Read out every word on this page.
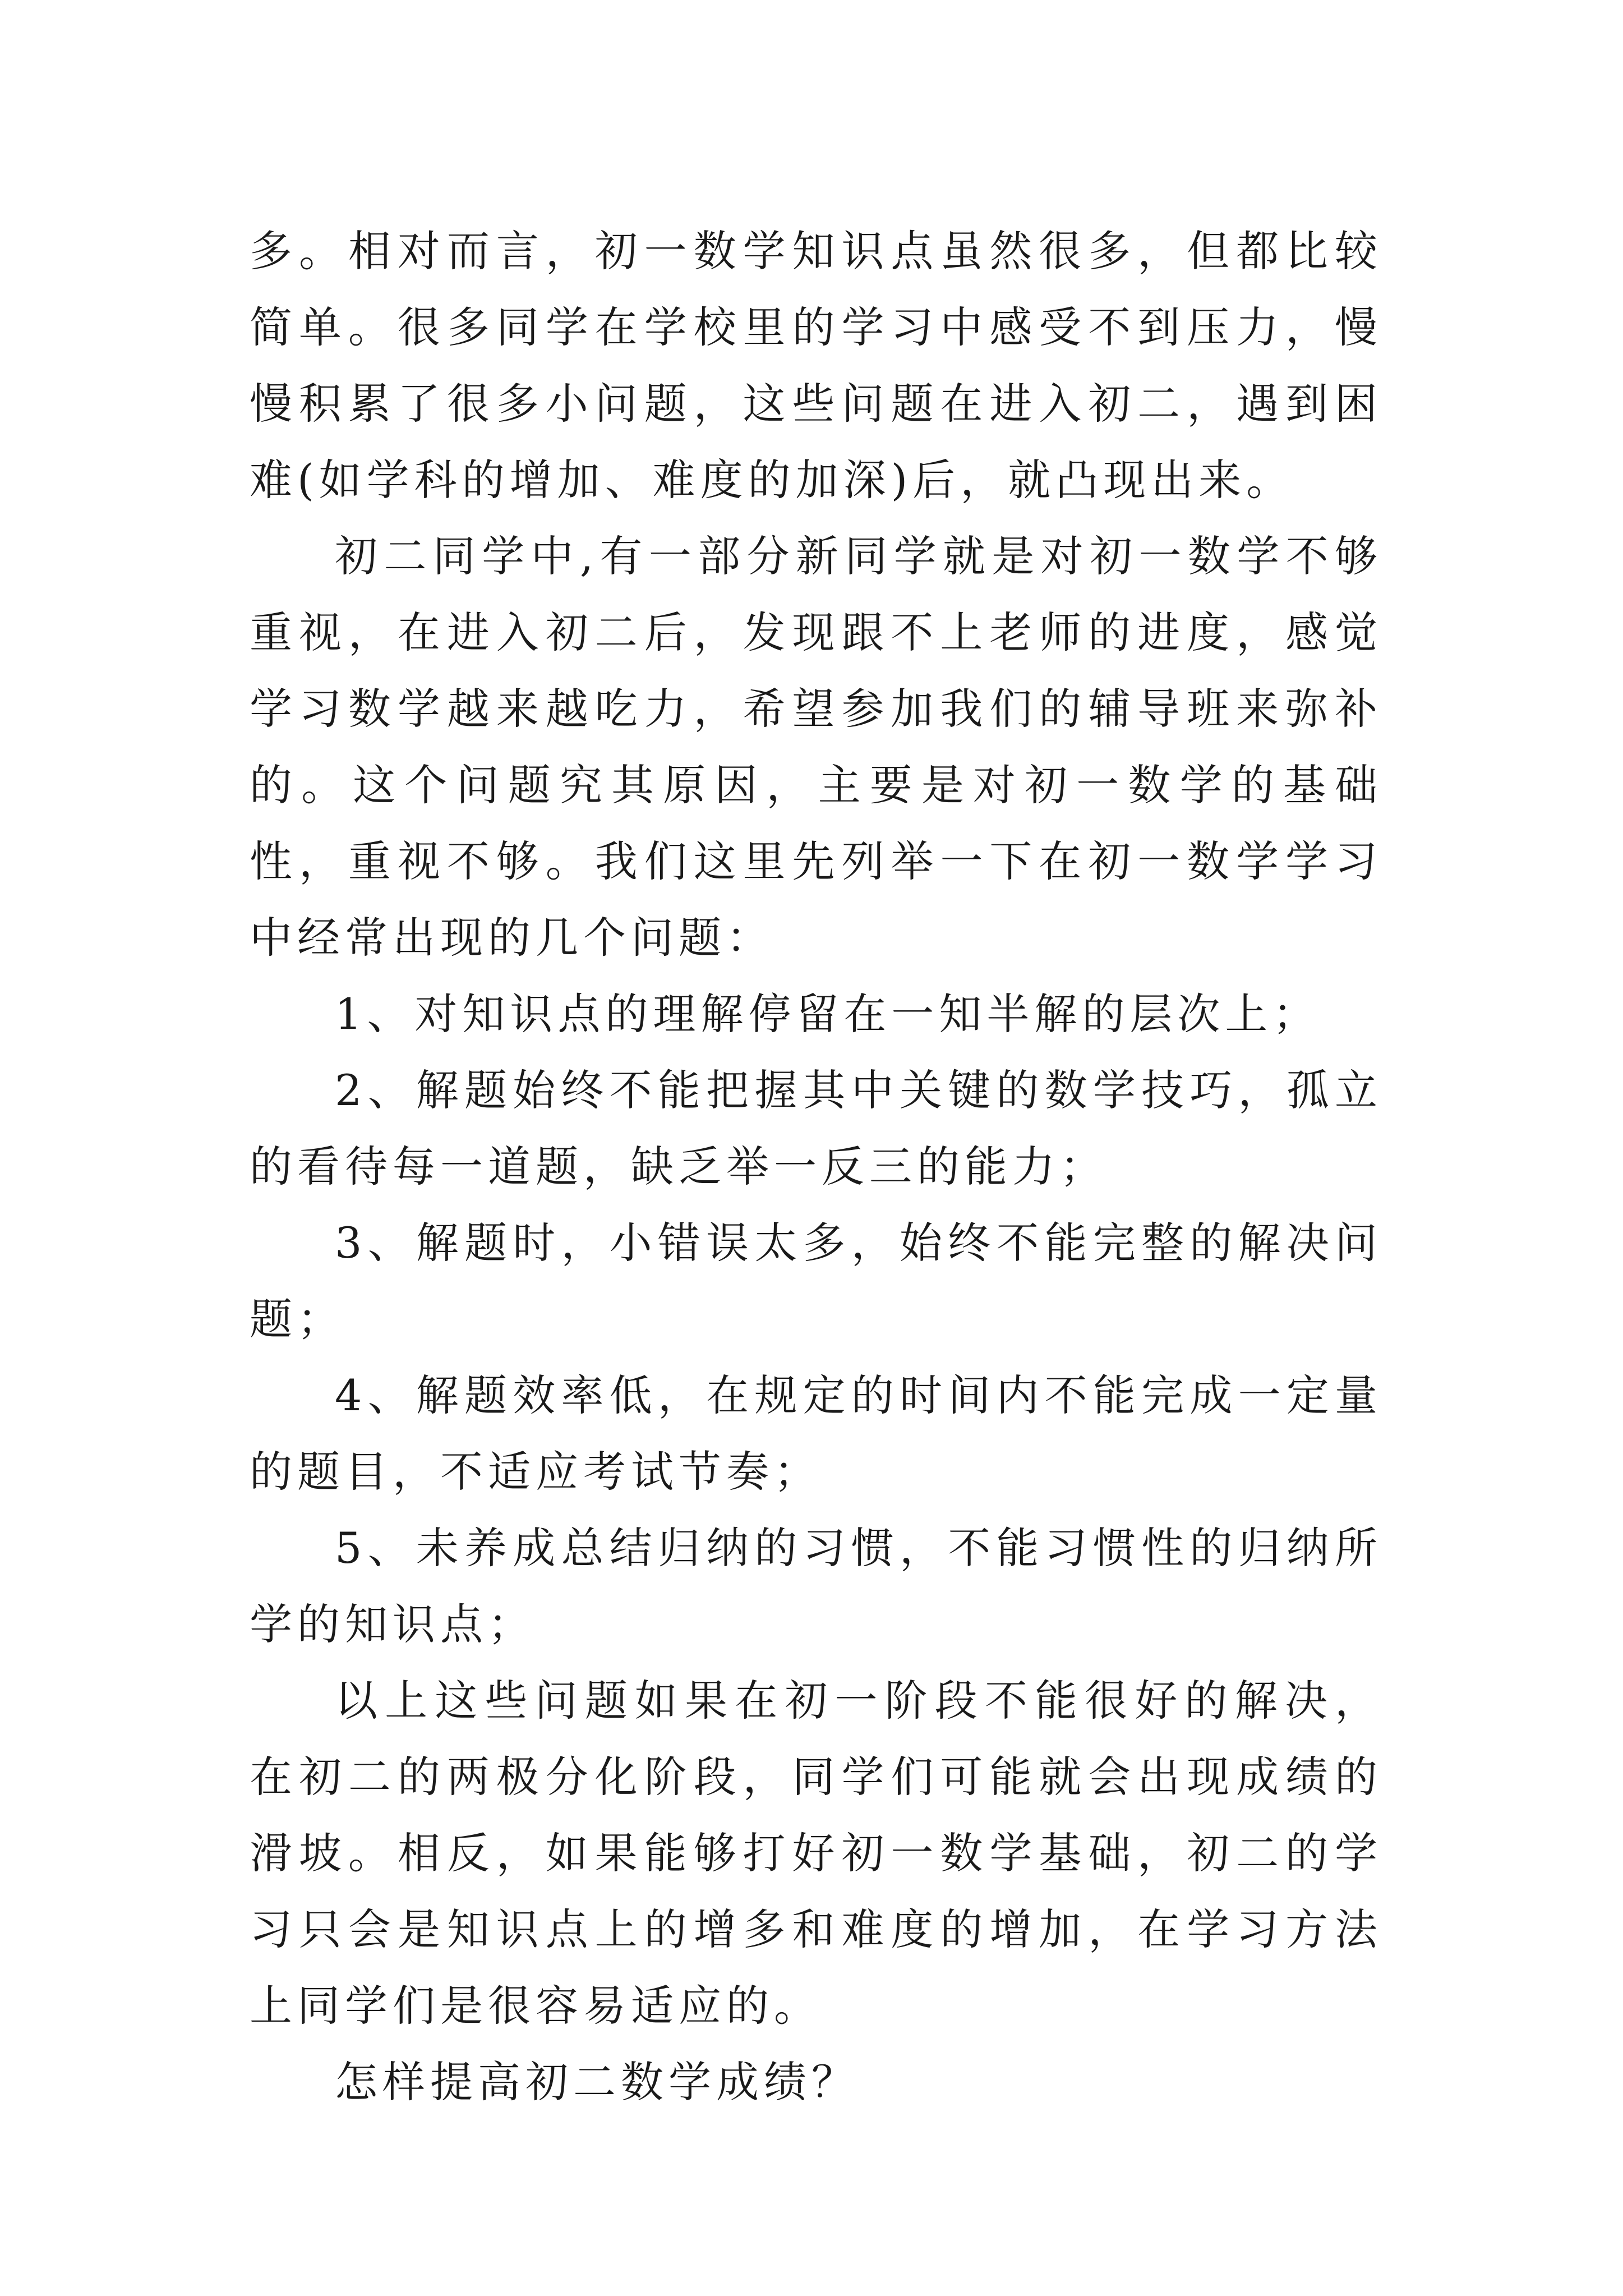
多。相对而言，初一数学知识点虽然很多，但都比较简单。很多同学在学校里的学习中感受不到压力，慢慢积累了很多小问题，这些问题在进入初二，遇到困难(如学科的增加、难度的加深)后，就凸现出来。

初二同学中,有一部分新同学就是对初一数学不够重视，在进入初二后，发现跟不上老师的进度，感觉学习数学越来越吃力，希望参加我们的辅导班来弥补的。这个问题究其原因，主要是对初一数学的基础性，重视不够。我们这里先列举一下在初一数学学习中经常出现的几个问题：

1、对知识点的理解停留在一知半解的层次上；

2、解题始终不能把握其中关键的数学技巧，孤立的看待每一道题，缺乏举一反三的能力；

3、解题时，小错误太多，始终不能完整的解决问题；

4、解题效率低，在规定的时间内不能完成一定量的题目，不适应考试节奏；

5、未养成总结归纳的习惯，不能习惯性的归纳所学的知识点；

以上这些问题如果在初一阶段不能很好的解决，在初二的两极分化阶段，同学们可能就会出现成绩的滑坡。相反，如果能够打好初一数学基础，初二的学习只会是知识点上的增多和难度的增加，在学习方法上同学们是很容易适应的。

怎样提高初二数学成绩？
